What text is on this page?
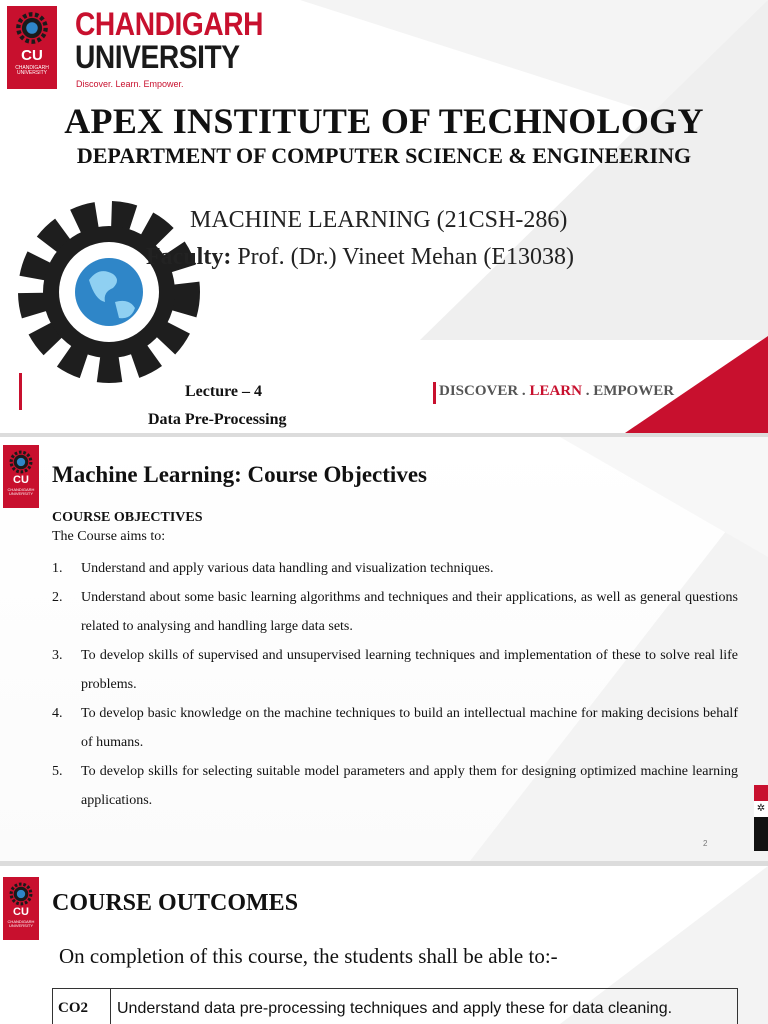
CU
CHANDIGARH UNIVERSITY
CHANDIGARH
UNIVERSITY
Discover. Learn. Empower.
APEX INSTITUTE OF TECHNOLOGY
DEPARTMENT OF COMPUTER SCIENCE & ENGINEERING
MACHINE LEARNING (21CSH-286)
Faculty: Prof. (Dr.) Vineet Mehan (E13038)
Lecture – 4
Data Pre-Processing
DISCOVER . LEARN . EMPOWER
CU
CHANDIGARH UNIVERSITY
Machine Learning: Course Objectives
COURSE OBJECTIVES
The Course aims to:
1.	Understand and apply various data handling and visualization techniques.
2.	Understand about some basic learning algorithms and techniques and their applications, as well as general questions related to analysing and handling large data sets.
3.	To develop skills of supervised and unsupervised learning techniques and implementation of these to solve real life problems.
4.	To develop basic knowledge on the machine techniques to build an intellectual machine for making decisions behalf of humans.
5.	To develop skills for selecting suitable model parameters and apply them for designing optimized machine learning applications.
2
✲
CU
CHANDIGARH UNIVERSITY
COURSE OUTCOMES
On completion of this course, the students shall be able to:-
CO2	Understand data pre-processing techniques and apply these for data cleaning.
